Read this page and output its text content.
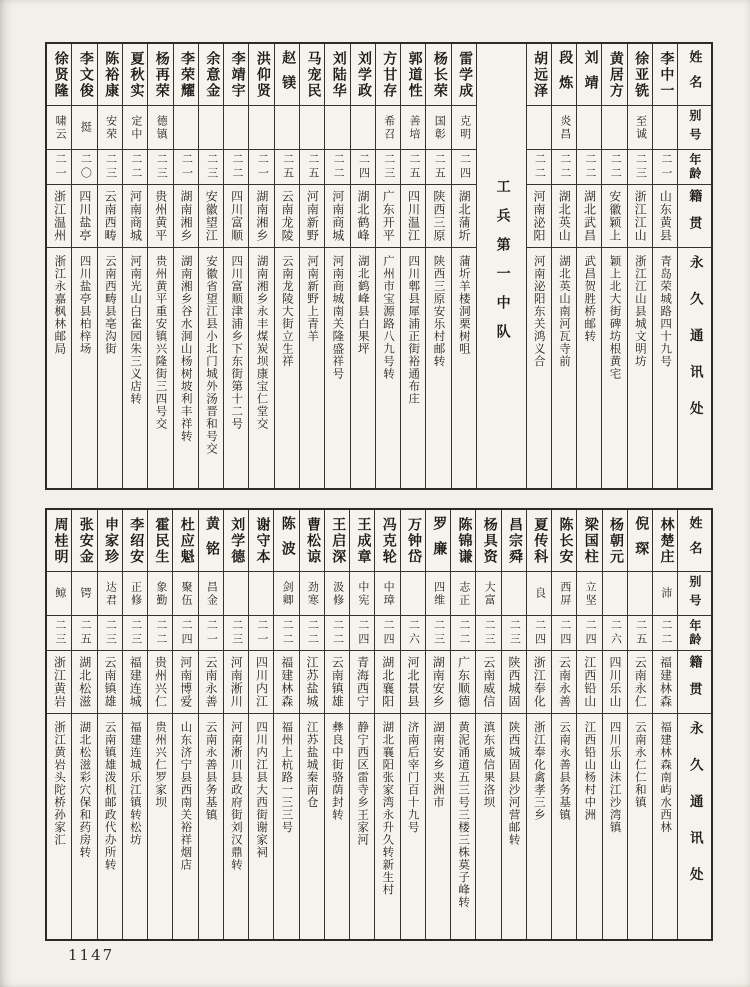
姓名
别号
年龄
籍贯
永久通讯处
李中一
二一
山东黄县
青岛荣城路四十九号
徐亚铣
至诚
二三
浙江江山
浙江江山县城文明坊
黄居方
二二
安徽颖上
颖上北大街碑坊根黄宅
刘靖
二二
湖北武昌
武昌贺胜桥邮转
段炼
炎昌
二二
湖北英山
湖北英山南河瓦寺前
胡远泽
二二
河南泌阳
河南泌阳东关鸿义合
工兵第一中队
雷学成
克明
二四
湖北蒲圻
蒲圻羊楼洞栗树咀
杨长荣
国彰
二五
陕西三原
陕西三原安乐村邮转
郭道性
善培
二五
四川温江
四川郫县犀浦正街裕通布庄
方甘存
希召
二三
广东开平
广州市宝源路八九号转
刘学政
二四
湖北鹤峰
湖北鹤峰县白果坪
刘陆华
二二
河南商城
河南商城南关隆盛祥号
马宠民
二五
河南新野
河南新野上青羊
赵镁
二五
云南龙陵
云南龙陵大街立生祥
洪仰贤
二一
湖南湘乡
湖南湘乡永丰煤炭坝康宝仁堂交
李靖宇
二二
四川富顺
四川富顺津浦乡下东街第十二号
余意金
二三
安徽望江
安徽省望江县小北门城外汤晋和号交
李荣耀
二一
湖南湘乡
湖南湘乡谷水洞山杨树坡利丰祥转
杨再荣
德镇
二三
贵州黄平
贵州黄平重安镇兴隆街三四号交
夏秋实
定中
二二
河南商城
河南光山白雀园朱三义店转
陈裕康
安荣
二三
云南西畴
云南西畴县亳沟街
李文俊
挺
二〇
四川盐亭
四川盐亭县柏梓场
徐贤隆
啸云
二一
浙江温州
浙江永嘉枫林邮局
姓名
别号
年龄
籍贯
永久通讯处
林楚庄
沛
二二
福建林森
福建林森南屿水西林
倪琛
二五
云南永仁
云南永仁仁和镇
杨朝元
二六
四川乐山
四川乐山沫江沙湾镇
梁国柱
立坚
二四
江西铅山
江西铅山杨村中洲
陈长安
西屏
二四
云南永善
云南永善县务基镇
夏传科
良
二四
浙江奉化
浙江奉化禽孝三乡
昌宗舜
二三
陕西城固
陕西城固县沙河营邮转
杨具资
大富
二三
云南威信
滇东威信果洛坝
陈锦谦
志正
二二
广东顺德
黄泥涌道五三号三楼三株莫子峰转
罗廉
四维
二三
湖南安乡
湖南安乡夹洲市
万钟岱
二六
河北景县
济南后宰门百十九号
冯克轮
中璋
二四
湖北襄阳
湖北襄阳张家湾永升久转新生村
王成章
中宪
二四
青海西宁
静宁西区雷寺乡王家河
王启深
汲修
二二
云南镇雄
彝良中街骆荫封转
曹松谅
劲寒
二二
江苏盐城
江苏盐城秦南仓
陈波
剑卿
二二
福建林森
福州上杭路一三三号
谢守本
二一
四川内江
四川内江县大西街谢家祠
刘学德
二三
河南淅川
河南淅川县政府街刘汉鼎转
黄铭
昌金
二一
云南永善
云南永善县务基镇
杜应魁
聚伍
二四
河南博爱
山东济宁县西南关裕祥烟店
霍民生
象勤
二二
贵州兴仁
贵州兴仁罗家坝
李绍安
正修
二三
福建连城
福建连城乐江镇转松坊
申家珍
达君
二三
云南镇雄
云南镇雄泼机邮政代办所转
张安金
锷
二五
湖北松滋
湖北松滋彩穴保和药房转
周桂明
鲸
二三
浙江黄岩
浙江黄岩头陀桥孙家汇
1147
